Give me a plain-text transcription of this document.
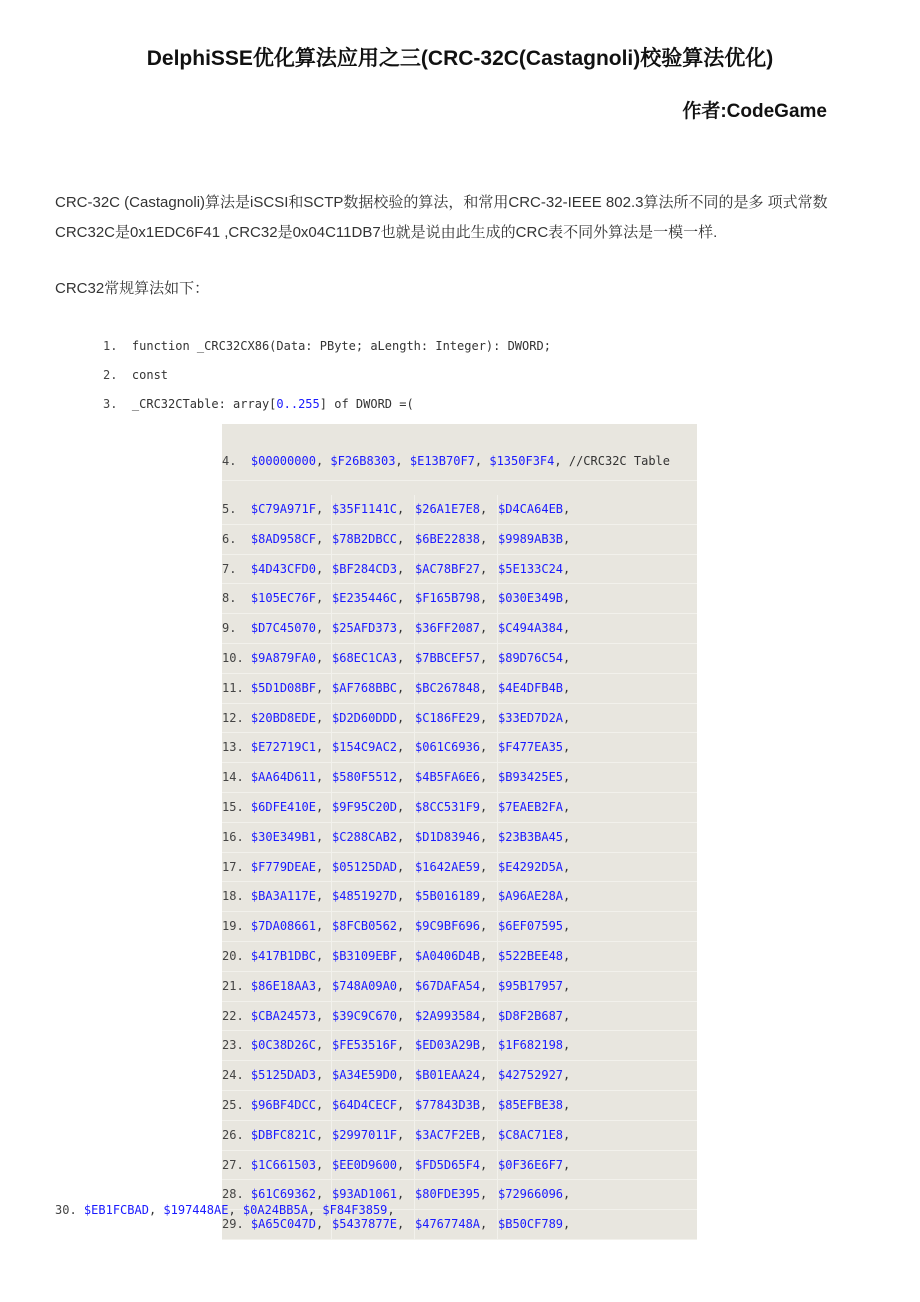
DelphiSSE优化算法应用之三(CRC-32C(Castagnoli)校验算法优化)
作者:CodeGame
CRC-32C (Castagnoli)算法是iSCSI和SCTP数据校验的算法，和常用CRC-32-IEEE 802.3算法所不同的是多 项式常数CRC32C是0x1EDC6F41 ,CRC32是0x04C11DB7也就是说由此生成的CRC表不同外算法是一模一样.
CRC32常规算法如下：
1. function _CRC32CX86(Data: PByte; aLength: Integer): DWORD;
2. const
3. _CRC32CTable: array[0..255] of DWORD =(

4. $00000000, $F26B8303, $E13B70F7, $1350F3F4, //CRC32C Table

5. $C79A971F, $35F1141C, $26A1E7E8, $D4CA64EB,
6. $8AD958CF, $78B2DBCC, $6BE22838, $9989AB3B,
7. $4D43CFD0, $BF284CD3, $AC78BF27, $5E133C24,
8. $105EC76F, $E235446C, $F165B798, $030E349B,
9. $D7C45070, $25AFD373, $36FF2087, $C494A384,
10. $9A879FA0, $68EC1CA3, $7BBCEF57, $89D76C54,
11. $5D1D08BF, $AF768BBC, $BC267848, $4E4DFB4B,
12. $20BD8EDE, $D2D60DDD, $C186FE29, $33ED7D2A,
13. $E72719C1, $154C9AC2, $061C6936, $F477EA35,
14. $AA64D611, $580F5512, $4B5FA6E6, $B93425E5,
15. $6DFE410E, $9F95C20D, $8CC531F9, $7EAEB2FA,
16. $30E349B1, $C288CAB2, $D1D83946, $23B3BA45,
17. $F779DEAE, $05125DAD, $1642AE59, $E4292D5A,
18. $BA3A117E, $4851927D, $5B016189, $A96AE28A,
19. $7DA08661, $8FCB0562, $9C9BF696, $6EF07595,
20. $417B1DBC, $B3109EBF, $A0406D4B, $522BEE48,
21. $86E18AA3, $748A09A0, $67DAFA54, $95B17957,
22. $CBA24573, $39C9C670, $2A993584, $D8F2B687,
23. $0C38D26C, $FE53516F, $ED03A29B, $1F682198,
24. $5125DAD3, $A34E59D0, $B01EAA24, $42752927,
25. $96BF4DCC, $64D4CECF, $77843D3B, $85EFBE38,
26. $DBFC821C, $2997011F, $3AC7F2EB, $C8AC71E8,
27. $1C661503, $EE0D9600, $FD5D65F4, $0F36E6F7,
28. $61C69362, $93AD1061, $80FDE395, $72966096,
29. $A65C047D, $5437877E, $4767748A, $B50CF789,
30. $EB1FCBAD, $197448AE, $0A24BB5A, $F84F3859,
